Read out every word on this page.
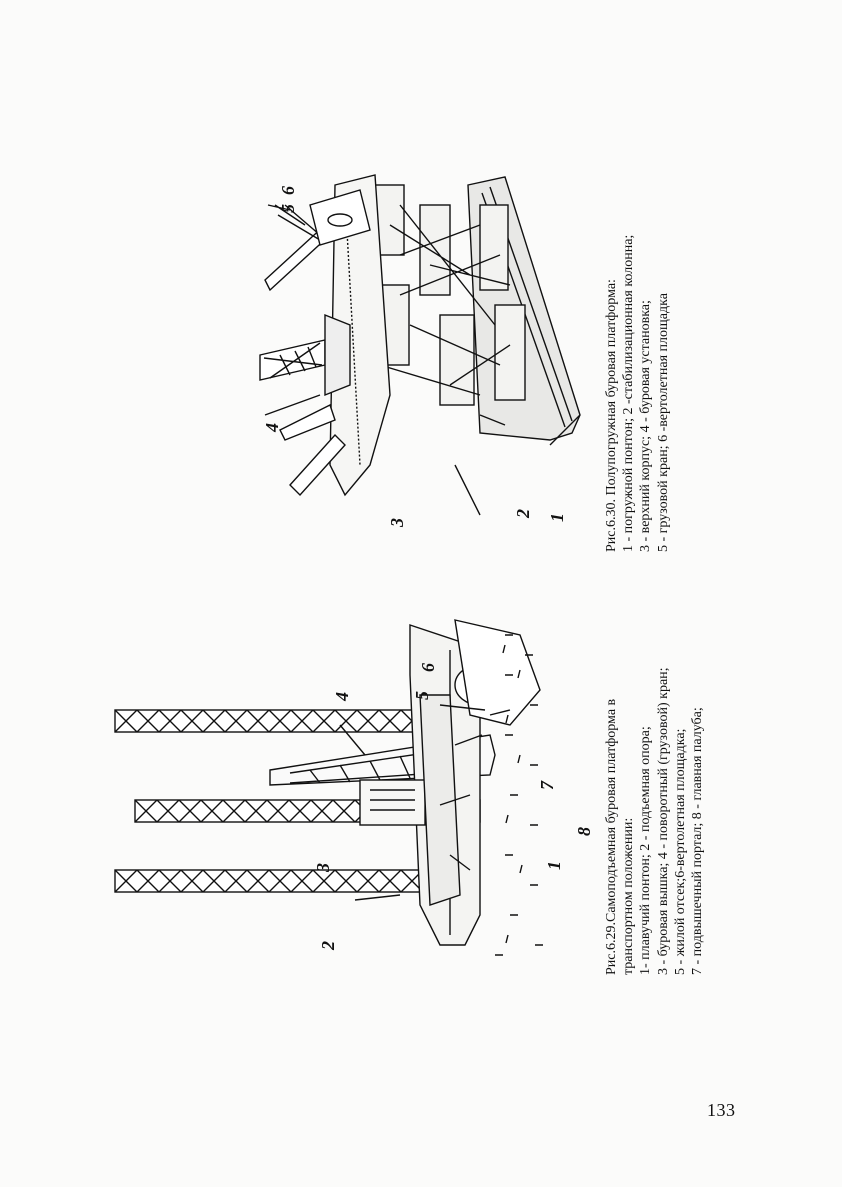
1
2
3
4
5
6
Рис.6.30. Полупогружная буровая платформа: 1 - погружной понтон; 2 -стабилизационная колонна; 3 - верхний корпус; 4 - буровая установка; 5 - грузовой кран; 6 -вертолетная площадка
1
2
3
4	5
6
7
8 Рис.6.29.Самоподъемная буровая платформа в транспортном положении: 1- плавучий понтон; 2 - подъемная опора; 3 - буровая вышка; 4 - поворотный (грузовой) кран; 5 - жилой отсек;6-вертолетная площадка; 7 - подвышечный портал; 8 - главная палуба;
133
